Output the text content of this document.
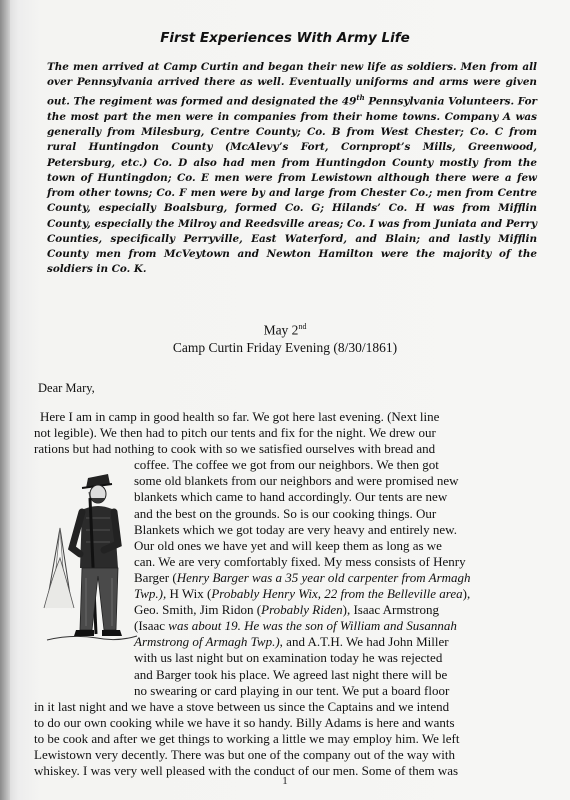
First Experiences With Army Life
The men arrived at Camp Curtin and began their new life as soldiers. Men from all over Pennsylvania arrived there as well. Eventually uniforms and arms were given out. The regiment was formed and designated the 49th Pennsylvania Volunteers. For the most part the men were in companies from their home towns. Company A was generally from Milesburg, Centre County; Co. B from West Chester; Co. C from rural Huntingdon County (McAlevy’s Fort, Cornpropt’s Mills, Greenwood, Petersburg, etc.) Co. D also had men from Huntingdon County mostly from the town of Huntingdon; Co. E men were from Lewistown although there were a few from other towns; Co. F men were by and large from Chester Co.; men from Centre County, especially Boalsburg, formed Co. G; Hilands’ Co. H was from Mifflin County, especially the Milroy and Reedsville areas; Co. I was from Juniata and Perry Counties, specifically Perryville, East Waterford, and Blain; and lastly Mifflin County men from McVeytown and Newton Hamilton were the majority of the soldiers in Co. K.
May 2nd
Camp Curtin Friday Evening (8/30/1861)
Dear Mary,
Here I am in camp in good health so far. We got here last evening. (Next line
not legible). We then had to pitch our tents and fix for the night. We drew our
rations but had nothing to cook with so we satisfied ourselves with bread and
coffee. The coffee we got from our neighbors. We then got
some old blankets from our neighbors and were promised new
blankets which came to hand accordingly. Our tents are new
and the best on the grounds. So is our cooking things. Our
Blankets which we got today are very heavy and entirely new.
Our old ones we have yet and will keep them as long as we
can. We are very comfortably fixed. My mess consists of Henry
Barger (Henry Barger was a 35 year old carpenter from Armagh
Twp.), H Wix (Probably Henry Wix, 22 from the Belleville area),
Geo. Smith, Jim Ridon (Probably Riden), Isaac Armstrong
(Isaac was about 19. He was the son of William and Susannah
Armstrong of Armagh Twp.), and A.T.H. We had John Miller
with us last night but on examination today he was rejected
and Barger took his place. We agreed last night there will be
no swearing or card playing in our tent. We put a board floor
in it last night and we have a stove between us since the Captains and we intend
to do our own cooking while we have it so handy. Billy Adams is here and wants
to be cook and after we get things to working a little we may employ him. We left
Lewistown very decently. There was but one of the company out of the way with
whiskey. I was very well pleased with the conduct of our men. Some of them was
1
